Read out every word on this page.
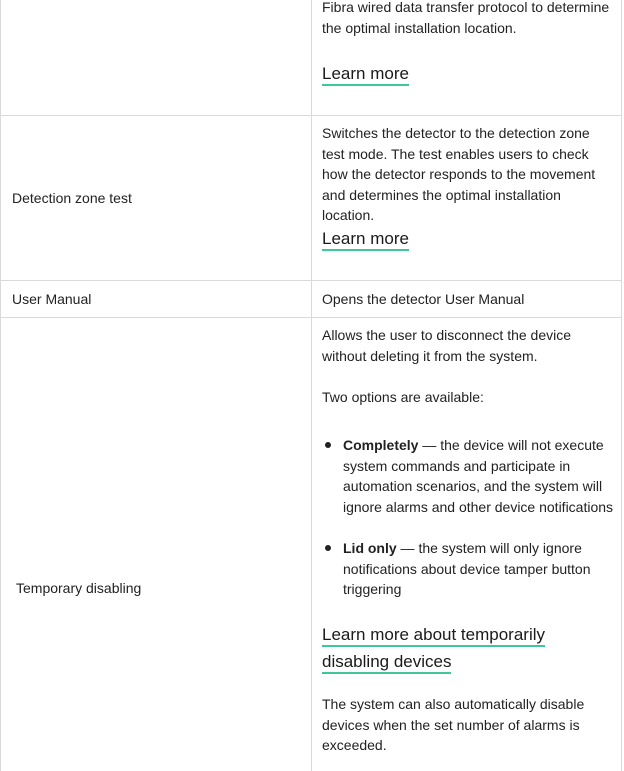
Fibra wired data transfer protocol to determine the optimal installation location.

Learn more
Detection zone test

Switches the detector to the detection zone test mode. The test enables users to check how the detector responds to the movement and determines the optimal installation location.

Learn more
User Manual	Opens the detector User Manual
Temporary disabling
Allows the user to disconnect the device without deleting it from the system.
Two options are available:
Completely — the device will not execute system commands and participate in automation scenarios, and the system will ignore alarms and other device notifications
Lid only — the system will only ignore notifications about device tamper button triggering
Learn more about temporarily disabling devices
The system can also automatically disable devices when the set number of alarms is exceeded.
